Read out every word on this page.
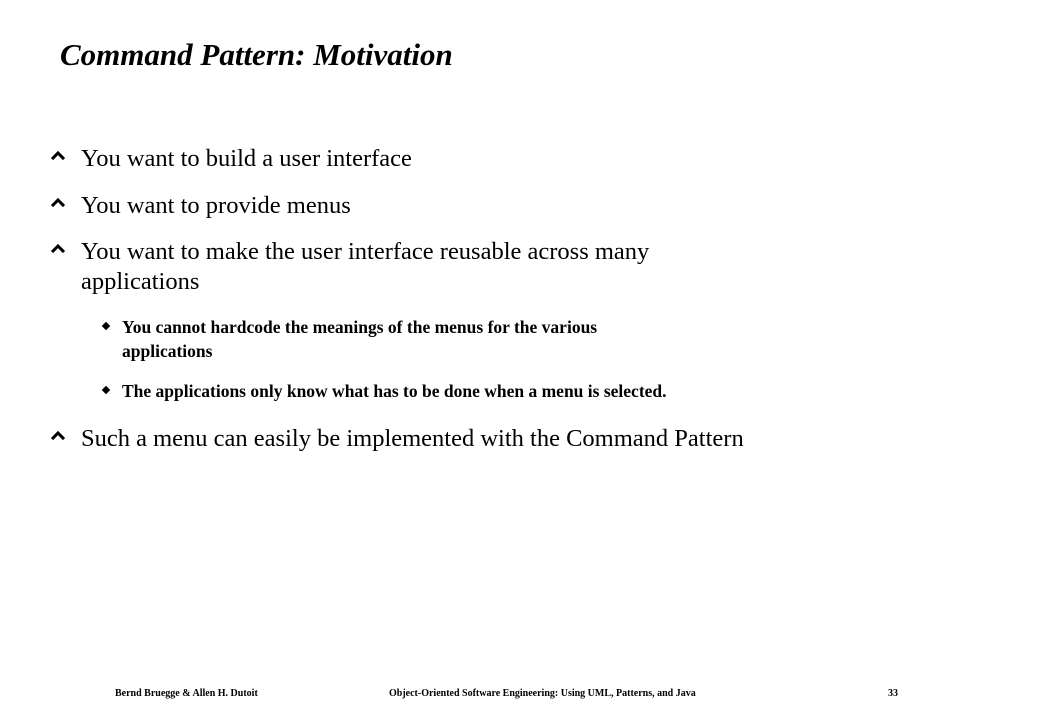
Command Pattern: Motivation
You want to build a user interface
You want to provide menus
You want to make the user interface reusable across many
applications
You cannot hardcode the meanings of the menus for the various
applications
The applications only know what has to be done when a menu is selected.
Such a menu can easily be implemented with the Command Pattern
Bernd Bruegge & Allen H. Dutoit	Object-Oriented Software Engineering: Using UML, Patterns, and Java	33
